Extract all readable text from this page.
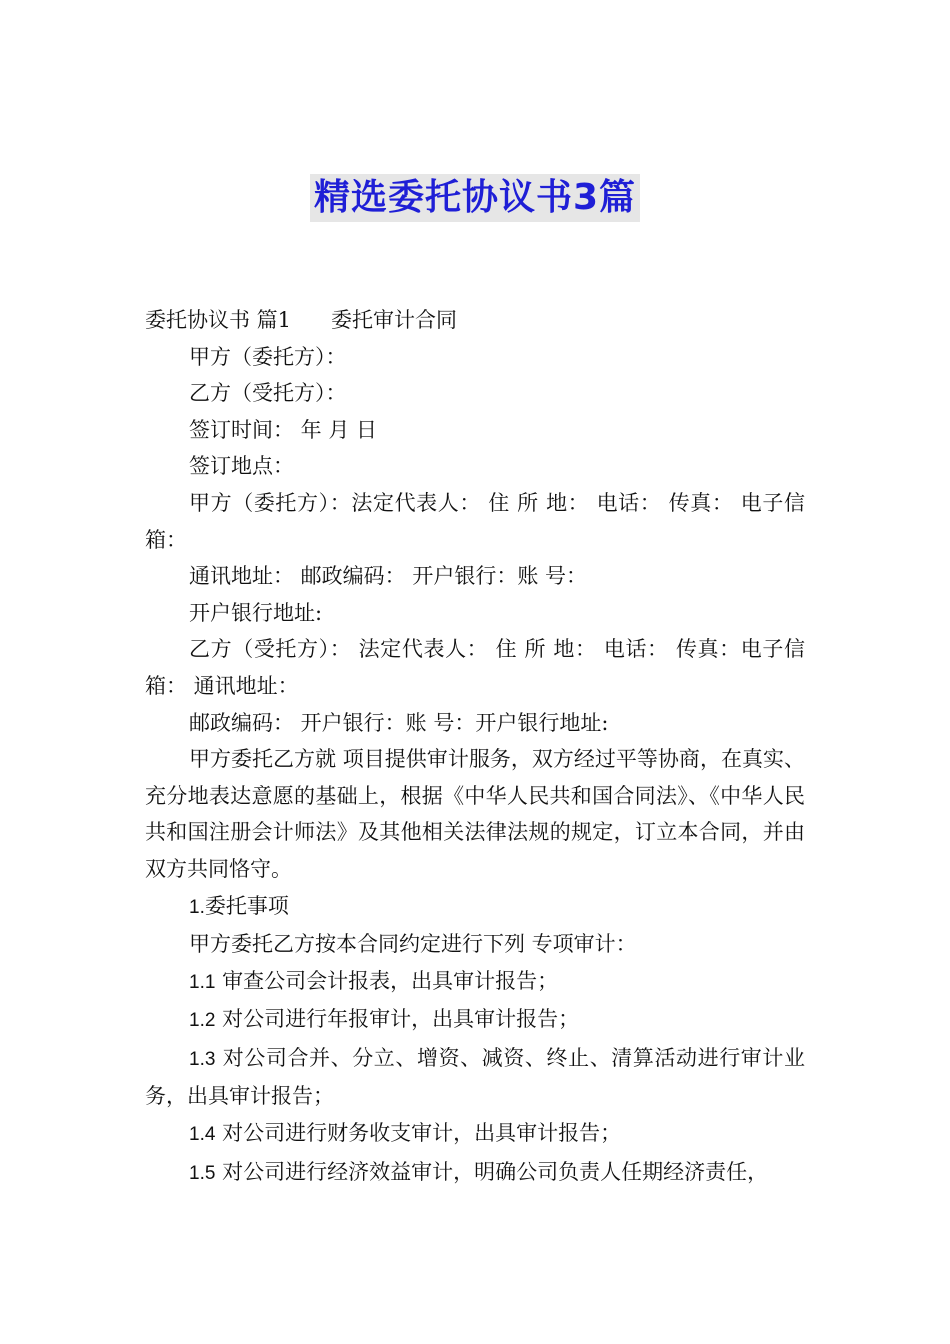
精选委托协议书3篇

委托协议书 篇1 委托审计合同

甲方（委托方）：

乙方（受托方）：

签订时间： 年 月 日

签订地点：

甲方（委托方）：法定代表人： 住 所 地： 电话： 传真： 电子信箱：

通讯地址： 邮政编码： 开户银行：账 号：

开户银行地址:

乙方（受托方）： 法定代表人： 住 所 地： 电话： 传真：电子信箱： 通讯地址：

邮政编码： 开户银行：账 号：开户银行地址:

甲方委托乙方就 项目提供审计服务，双方经过平等协商，在真实、充分地表达意愿的基础上，根据《中华人民共和国合同法》、《中华人民共和国注册会计师法》及其他相关法律法规的规定，订立本合同，并由双方共同恪守。

1.委托事项

甲方委托乙方按本合同约定进行下列 专项审计：

1.1 审查公司会计报表，出具审计报告；

1.2 对公司进行年报审计，出具审计报告；

1.3 对公司合并、分立、增资、减资、终止、清算活动进行审计业务，出具审计报告；

1.4 对公司进行财务收支审计，出具审计报告；

1.5 对公司进行经济效益审计，明确公司负责人任期经济责任，
